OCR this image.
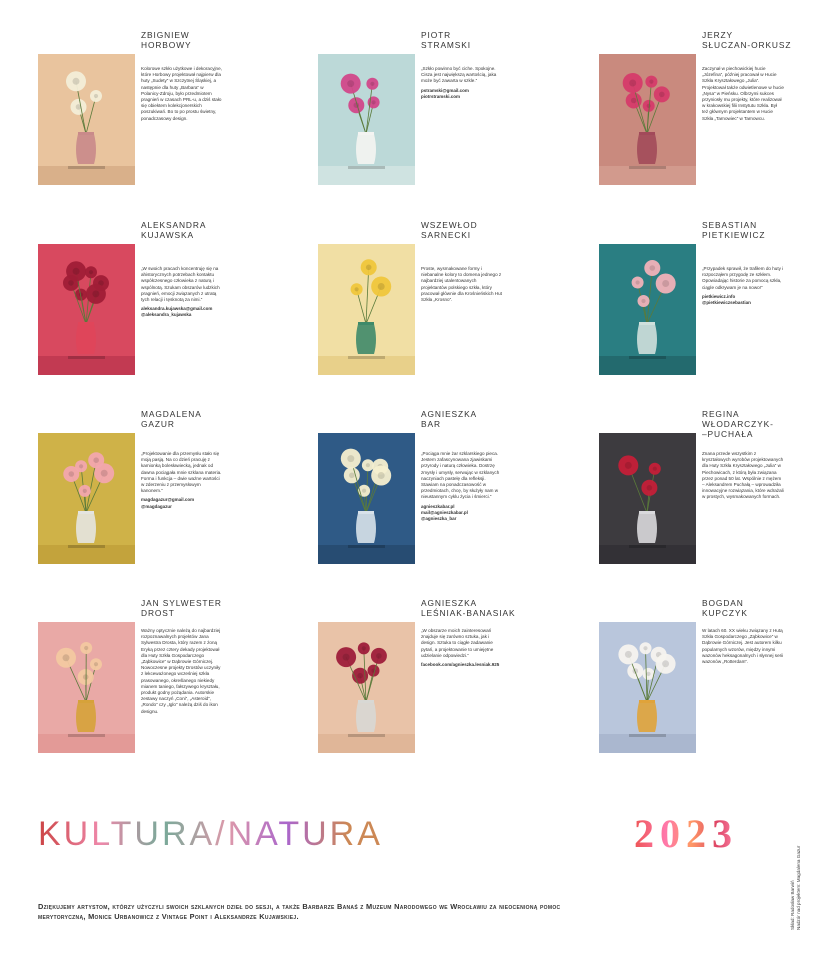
ZBIGNIEW
HORBOWY

Kolorowe szkło użytkowe i dekoracyjne, które Horbowy projektował najpierw dla huty „Sudety” w Szczytnej Śląskiej, a następnie dla huty „Barbara” w Polanicy-Zdroju, było przedmiotem pragnień w czasach PRL-u, a dziś stało się obiektem kolekcjonerskich poszukiwań. Bo to po prostu świetny, ponadczasowy design.

PIOTR
STRAMSKI

„Szkło powinno być ciche. Spokojne. Cisza jest największą wartością, jaka może być zawarta w szkle.”

pstramski@gmail.com
piotrstramski.com
JERZY
SŁUCZAN-ORKUSZ

Zaczynał w piechowickiej hucie „Józefina”, później pracował w Hucie Szkła Kryształowego „Julia”. Projektował także odwietlenowe w hucie „Nysa” w Pieńsku. Olbrzymi sukces przyniosły mu projekty, które realizował w krakowskiej filii Instytutu Szkła. Był też głównym projektantem w Hucie Szkła „Tarnowiec” w Tarnowcu.

ALEKSANDRA
KUJAWSKA

„W swoich pracach koncentruję się na ahistorycznych potrzebach kontaktu współczesnego człowieka z naturą i wspólnotą. Szukam obszarów ludzkich pragnień, emocji związanych z utratą tych relacji i tęsknotą za nimi.”

aleksandra.kujawska@gmail.com
@aleksandra_kujawska
WSZEWŁOD
SARNECKI

Proste, wysmakowane formy i niebanalne kolory to domena jednego z najbardziej utalentowanych projektantów polskiego szkła, który pracował głównie dla Krośnieńskich Hut Szkła „Krosno”.

SEBASTIAN
PIETKIEWICZ

„Przypadek sprawił, że trafiłem do huty i rozpocząłem przygodę ze szkłem. Opowiadając historie za pomocą szkła, ciągle odkrywam je na nowo!”

pietkiewicz.info
@pietkiewiczsebastian
MAGDALENA
GAZUR

„Projektowanie dla przemysłu stało się moją pasją. Na co dzień pracuję z kamionką bolesławiecką, jednak od dawna pociągała mnie szklana materia. Forma i funkcja – dwie ważne wartości w zderzeniu z przemysłowym kanonem.”

magdagazur@gmail.com
@magdagazur
AGNIESZKA
BAR

„Pociąga mnie żar szklarskiego pieca. Jestem zafascynowana zjawiskami przyrody i naturą człowieka. Dostrzę zmysły i umysły, serwując w szklanych naczyniach pastelę dla refleksji. Stawiam na ponadczasowość w przedmiotach, chcę, by służyły nam w nieustannym cyklu życia i śmierci.”

agnieszkabar.pl
mail@agnieszkabar.pl
@agnieszka_bar
REGINA
WŁODARCZYK-
–PUCHAŁA

Znana przede wszystkim z kryształowych wyrobów projektowanych dla Huty Szkła Kryształowego „Julia” w Piechowicach, z którą była związana przez ponad 50 lat. Wspólnie z mężem – Aleksandrem Puchałą – wprowadziła innowacyjne rozwiązania, które wdrażali w prostych, wysmakowanych formach.

JAN SYLWESTER
DROST

Ważny optycznie należą do najbardziej rozpoznawalnych projektów Jana Sylwestra Drosta, który razem z żoną Eryką przez cztery dekady projektował dla Huty Szkła Gospodarczego „Ząbkowice” w Dąbrowie Górniczej. Nowoczesne projekty Drostów uczyniły z lekceważonego wcześniej szkła prasowanego, określanego niekiedy mianem taniego, fałszywego kryształu, produkt godny pożądania. Autorskie zestawy naczyń „Coni”, „Asteroid”, „Rondo” czy „Iglo” należą dziś do ikon designu.

AGNIESZKA
LEŚNIAK-BANASIAK

„W obszarze moich zainteresowań znajduje się zarówno sztuka, jak i design. Sztuka to ciągłe zadawanie pytań, a projektowanie to umiejętne udzielanie odpowiedzi.”

facebook.com/agnieszka.lesniak.925
BOGDAN
KUPCZYK

W latach 60. XX wieku związany z Hutą Szkła Gospodarczego „Ząbkowice” w Dąbrowie Górniczej. Jest autorem kilku popularnych wzorów, między innymi wazonów heksagonalnych i słynnej serii wazonów „Rotterdam”.

KULTURA/NATURA	2023
Dziękujemy artystom, którzy użyczyli swoich szklanych dzieł do sesji, a także Barbarze Banaś z Muzeum Narodowego we Wrocławiu za nieocenioną pomoc merytoryczną, Monice Urbanowicz z Vintage Point i Aleksandrze Kujawskiej.	Skład: Radosław Barwiń Nadzór nad projektem: Magdalena Gazur
